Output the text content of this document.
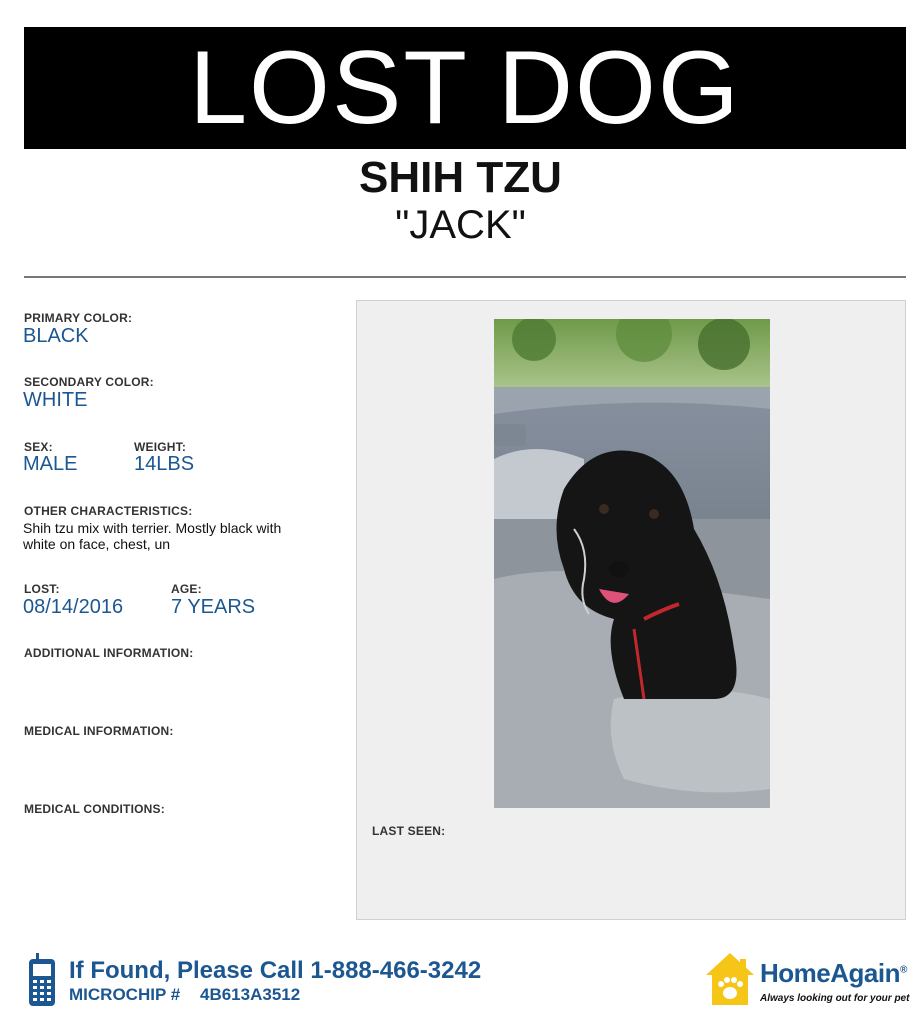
LOST DOG
SHIH TZU
"JACK"
PRIMARY COLOR:
BLACK
SECONDARY COLOR:
WHITE
SEX:
MALE
WEIGHT:
14LBS
OTHER CHARACTERISTICS:
Shih tzu mix with terrier. Mostly black with
white on face, chest, un
LOST:
08/14/2016
AGE:
7 YEARS
ADDITIONAL INFORMATION:
MEDICAL INFORMATION:
MEDICAL CONDITIONS:
LAST SEEN:
If Found, Please Call 1-888-466-3242
MICROCHIP # 4B613A3512
HomeAgain®
Always looking out for your pet
